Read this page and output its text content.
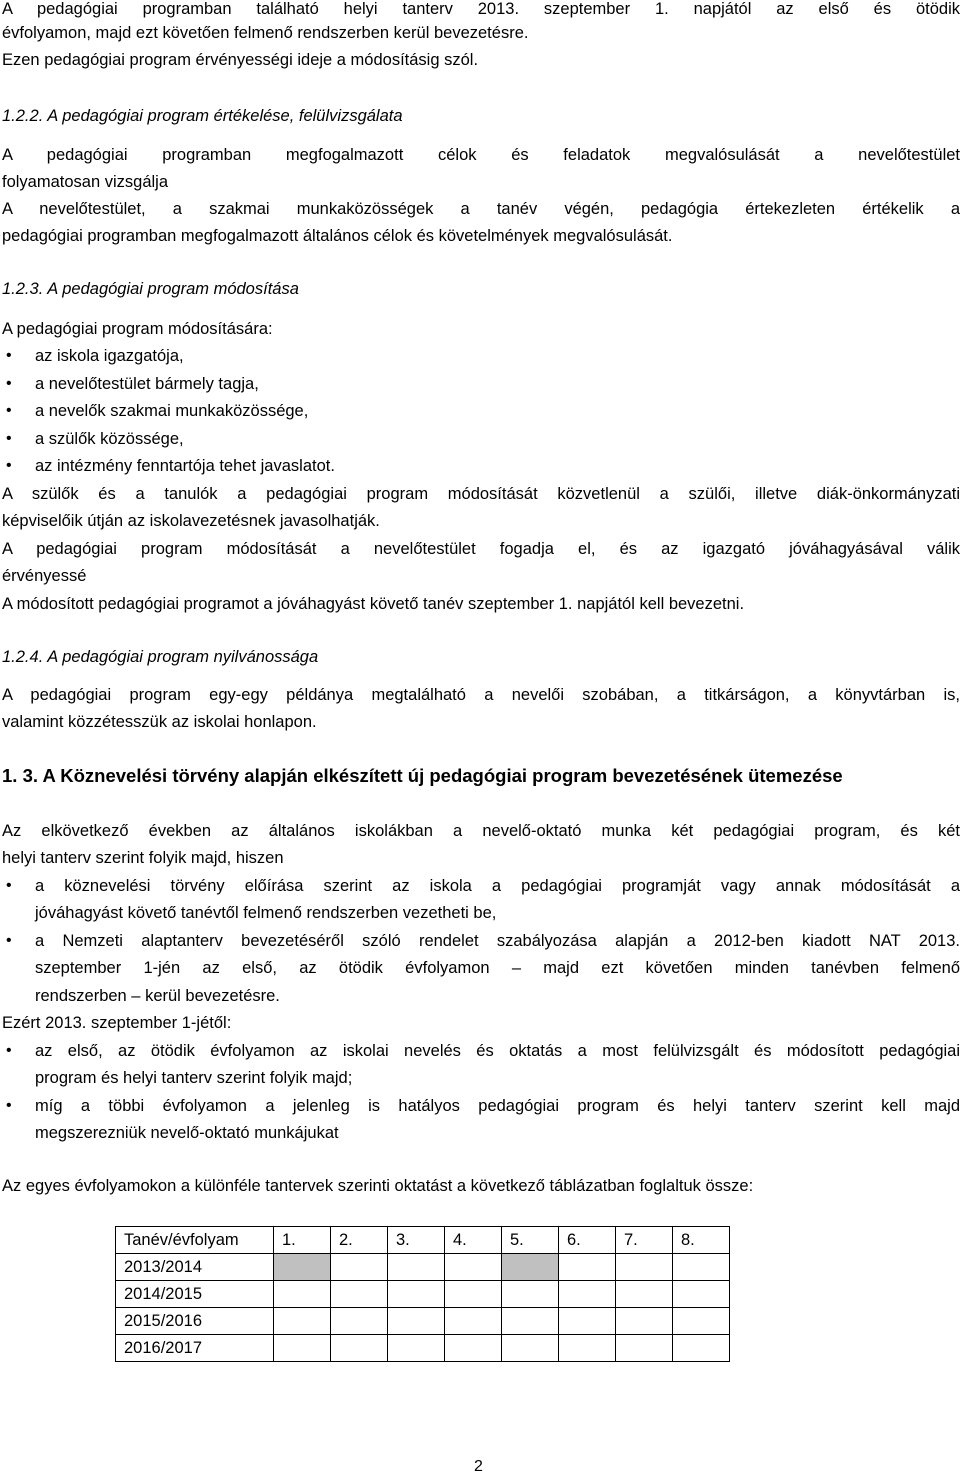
A pedagógiai programban található helyi tanterv 2013. szeptember 1. napjától az első és ötödik
évfolyamon, majd ezt követően felmenő rendszerben kerül bevezetésre.
Ezen pedagógiai program érvényességi ideje a módosításig szól.
1.2.2. A pedagógiai program értékelése, felülvizsgálata
A pedagógiai programban megfogalmazott célok és feladatok megvalósulását a nevelőtestület
folyamatosan vizsgálja
A nevelőtestület, a szakmai munkaközösségek a tanév végén, pedagógia értekezleten értékelik a
pedagógiai programban megfogalmazott általános célok és követelmények megvalósulását.
1.2.3. A pedagógiai program módosítása
A pedagógiai program módosítására:
• az iskola igazgatója,
• a nevelőtestület bármely tagja,
• a nevelők szakmai munkaközössége,
• a szülők közössége,
• az intézmény fenntartója tehet javaslatot.
A szülők és a tanulók a pedagógiai program módosítását közvetlenül a szülői, illetve diák-önkormányzati
képviselőik útján az iskolavezetésnek javasolhatják.
A pedagógiai program módosítását a nevelőtestület fogadja el, és az igazgató jóváhagyásával válik
érvényessé
A módosított pedagógiai programot a jóváhagyást követő tanév szeptember 1. napjától kell bevezetni.
1.2.4. A pedagógiai program nyilvánossága
A pedagógiai program egy-egy példánya megtalálható a nevelői szobában, a titkárságon, a könyvtárban is,
valamint közzétesszük az iskolai honlapon.
1. 3. A Köznevelési törvény alapján elkészített új pedagógiai program bevezetésének ütemezése
Az elkövetkező években az általános iskolákban a nevelő-oktató munka két pedagógiai program, és két
helyi tanterv szerint folyik majd, hiszen
• a köznevelési törvény előírása szerint az iskola a pedagógiai programját vagy annak módosítását a
jóváhagyást követő tanévtől felmenő rendszerben vezetheti be,
• a Nemzeti alaptanterv bevezetéséről szóló rendelet szabályozása alapján a 2012-ben kiadott NAT 2013.
szeptember 1-jén az első, az ötödik évfolyamon – majd ezt követően minden tanévben felmenő
rendszerben – kerül bevezetésre.
Ezért 2013. szeptember 1-jétől:
• az első, az ötödik évfolyamon az iskolai nevelés és oktatás a most felülvizsgált és módosított pedagógiai
program és helyi tanterv szerint folyik majd;
• míg a többi évfolyamon a jelenleg is hatályos pedagógiai program és helyi tanterv szerint kell majd
megszerezniük nevelő-oktató munkájukat
Az egyes évfolyamokon a különféle tantervek szerinti oktatást a következő táblázatban foglaltuk össze:
Tanév/évfolyam	1.	2.	3.	4.	5.	6.	7.	8.
2013/2014								
2014/2015								
2015/2016								
2016/2017								
2
